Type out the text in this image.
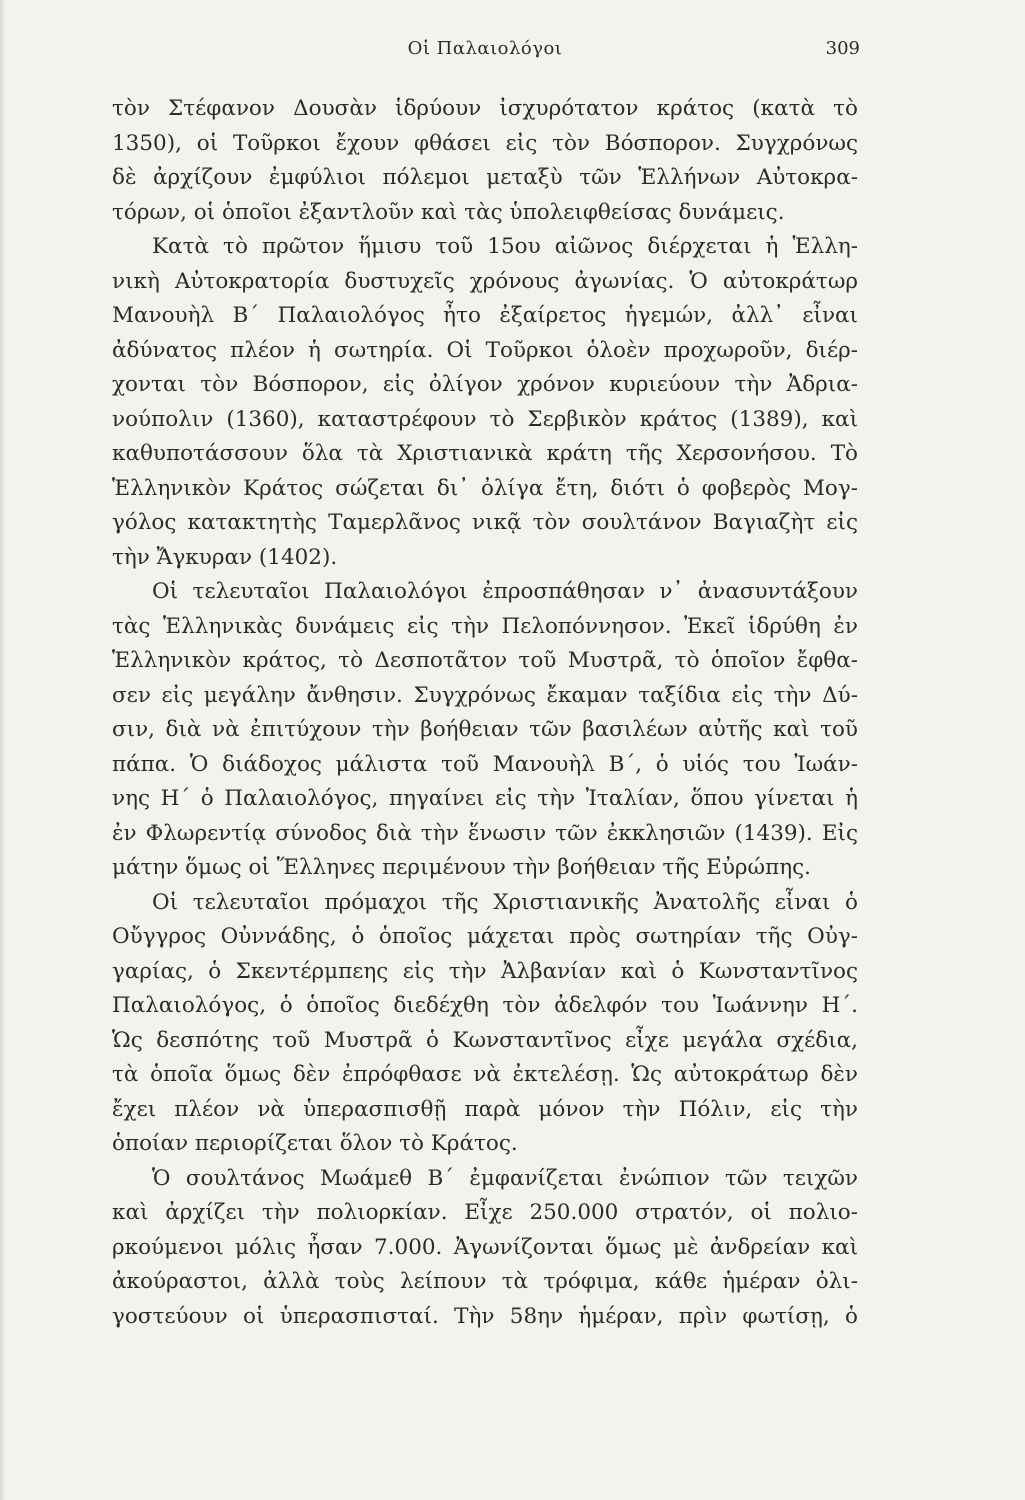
Οἱ Παλαιολόγοι	309
τὸν Στέφανον Δουσὰν ἱδρύουν ἰσχυρότατον κράτος (κατὰ τὸ
1350), οἱ Τοῦρκοι ἔχουν φθάσει εἰς τὸν Βόσπορον. Συγχρόνως
δὲ ἀρχίζουν ἐμφύλιοι πόλεμοι μεταξὺ τῶν Ἑλλήνων Αὐτοκρα-
τόρων, οἱ ὁποῖοι ἐξαντλοῦν καὶ τὰς ὑπολειφθείσας δυνάμεις.
Κατὰ τὸ πρῶτον ἥμισυ τοῦ 15ου αἰῶνος διέρχεται ἡ Ἑλλη-
νικὴ Αὐτοκρατορία δυστυχεῖς χρόνους ἀγωνίας. Ὁ αὐτοκράτωρ
Μανουὴλ Β΄ Παλαιολόγος ἦτο ἐξαίρετος ἡγεμών, ἀλλ᾽ εἶναι
ἀδύνατος πλέον ἡ σωτηρία. Οἱ Τοῦρκοι ὁλοὲν προχωροῦν, διέρ-
χονται τὸν Βόσπορον, εἰς ὀλίγον χρόνον κυριεύουν τὴν Ἀδρια-
νούπολιν (1360), καταστρέφουν τὸ Σερβικὸν κράτος (1389), καὶ
καθυποτάσσουν ὅλα τὰ Χριστιανικὰ κράτη τῆς Χερσονήσου. Τὸ
Ἑλληνικὸν Κράτος σώζεται δι᾽ ὀλίγα ἔτη, διότι ὁ φοβερὸς Μογ-
γόλος κατακτητὴς Ταμερλᾶνος νικᾷ τὸν σουλτάνον Βαγιαζὴτ εἰς
τὴν Ἄγκυραν (1402).
Οἱ τελευταῖοι Παλαιολόγοι ἐπροσπάθησαν ν᾽ ἀνασυντάξουν
τὰς Ἑλληνικὰς δυνάμεις εἰς τὴν Πελοπόννησον. Ἐκεῖ ἱδρύθη ἐν
Ἑλληνικὸν κράτος, τὸ Δεσποτᾶτον τοῦ Μυστρᾶ, τὸ ὁποῖον ἔφθα-
σεν εἰς μεγάλην ἄνθησιν. Συγχρόνως ἔκαμαν ταξίδια εἰς τὴν Δύ-
σιν, διὰ νὰ ἐπιτύχουν τὴν βοήθειαν τῶν βασιλέων αὐτῆς καὶ τοῦ
πάπα. Ὁ διάδοχος μάλιστα τοῦ Μανουὴλ Β΄, ὁ υἱός του Ἰωάν-
νης Η΄ ὁ Παλαιολόγος, πηγαίνει εἰς τὴν Ἰταλίαν, ὅπου γίνεται ἡ
ἐν Φλωρεντίᾳ σύνοδος διὰ τὴν ἕνωσιν τῶν ἐκκλησιῶν (1439). Εἰς
μάτην ὅμως οἱ Ἕλληνες περιμένουν τὴν βοήθειαν τῆς Εὐρώπης.
Οἱ τελευταῖοι πρόμαχοι τῆς Χριστιανικῆς Ἀνατολῆς εἶναι ὁ
Οὔγγρος Οὐννάδης, ὁ ὁποῖος μάχεται πρὸς σωτηρίαν τῆς Οὐγ-
γαρίας, ὁ Σκεντέρμπεης εἰς τὴν Ἀλβανίαν καὶ ὁ Κωνσταντῖνος
Παλαιολόγος, ὁ ὁποῖος διεδέχθη τὸν ἀδελφόν του Ἰωάννην Η΄.
Ὡς δεσπότης τοῦ Μυστρᾶ ὁ Κωνσταντῖνος εἶχε μεγάλα σχέδια,
τὰ ὁποῖα ὅμως δὲν ἐπρόφθασε νὰ ἐκτελέσῃ. Ὡς αὐτοκράτωρ δὲν
ἔχει πλέον νὰ ὑπερασπισθῇ παρὰ μόνον τὴν Πόλιν, εἰς τὴν
ὁποίαν περιορίζεται ὅλον τὸ Κράτος.
Ὁ σουλτάνος Μωάμεθ Β΄ ἐμφανίζεται ἐνώπιον τῶν τειχῶν
καὶ ἀρχίζει τὴν πολιορκίαν. Εἶχε 250.000 στρατόν, οἱ πολιο-
ρκούμενοι μόλις ἦσαν 7.000. Ἀγωνίζονται ὅμως μὲ ἀνδρείαν καὶ
ἀκούραστοι, ἀλλὰ τοὺς λείπουν τὰ τρόφιμα, κάθε ἡμέραν ὀλι-
γοστεύουν οἱ ὑπερασπισταί. Τὴν 58ην ἡμέραν, πρὶν φωτίσῃ, ὁ
